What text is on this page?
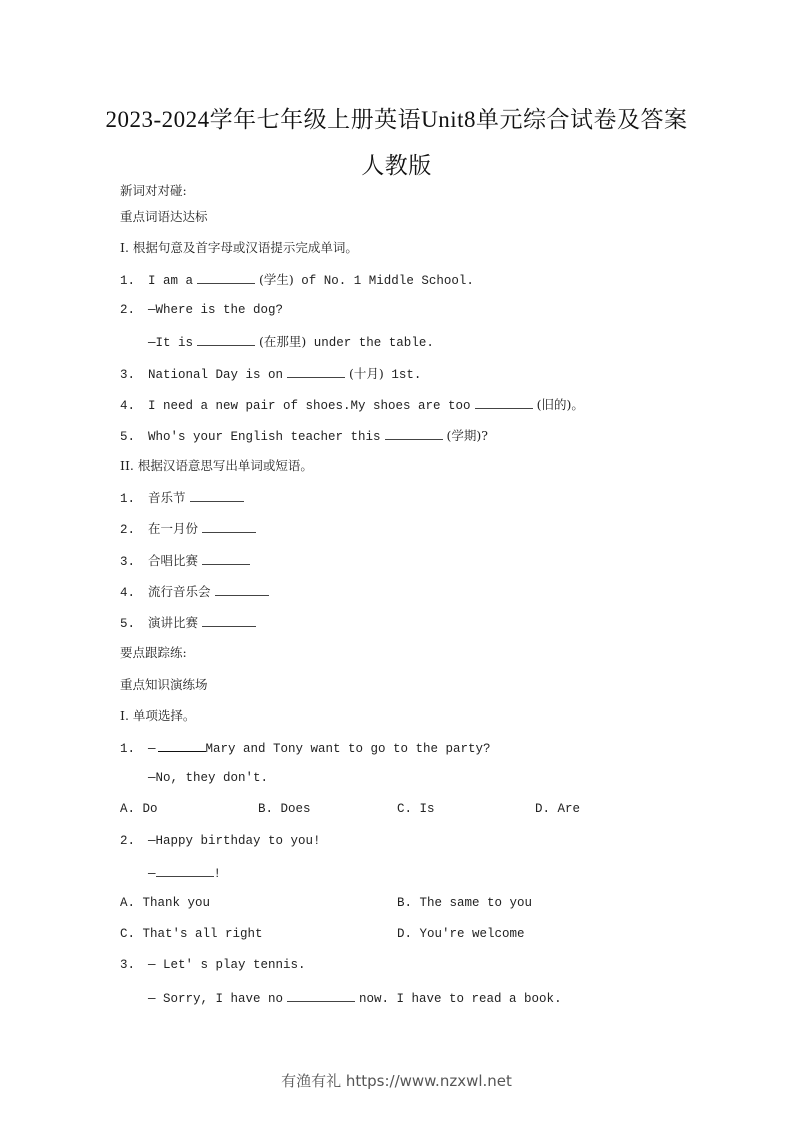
2023-2024学年七年级上册英语Unit8单元综合试卷及答案
人教版
新词对对碰:
重点词语达达标
I. 根据句意及首字母或汉语提示完成单词。
1. I am a	(学生) of No. 1 Middle School.
2. —Where is the dog?
—It is	(在那里) under the table.
3. National Day is on	(十月) 1st.
4. I need a new pair of shoes.My shoes are too	(旧的)。
5. Who's your English teacher this	(学期)?
II. 根据汉语意思写出单词或短语。
1. 音乐节
2. 在一月份
3. 合唱比赛
4. 流行音乐会
5. 演讲比赛
要点跟踪练:
重点知识演练场
I. 单项选择。
1. —	Mary and Tony want to go to the party?
—No, they don't.
A. Do	B. Does	C. Is	D. Are
2. —Happy birthday to you!
—	!
A. Thank you	B. The same to you
C. That's all right	D. You're welcome
3. — Let' s play tennis.
— Sorry, I have no	now. I have to read a book.
有渔有礼 https://www.nzxwl.net
